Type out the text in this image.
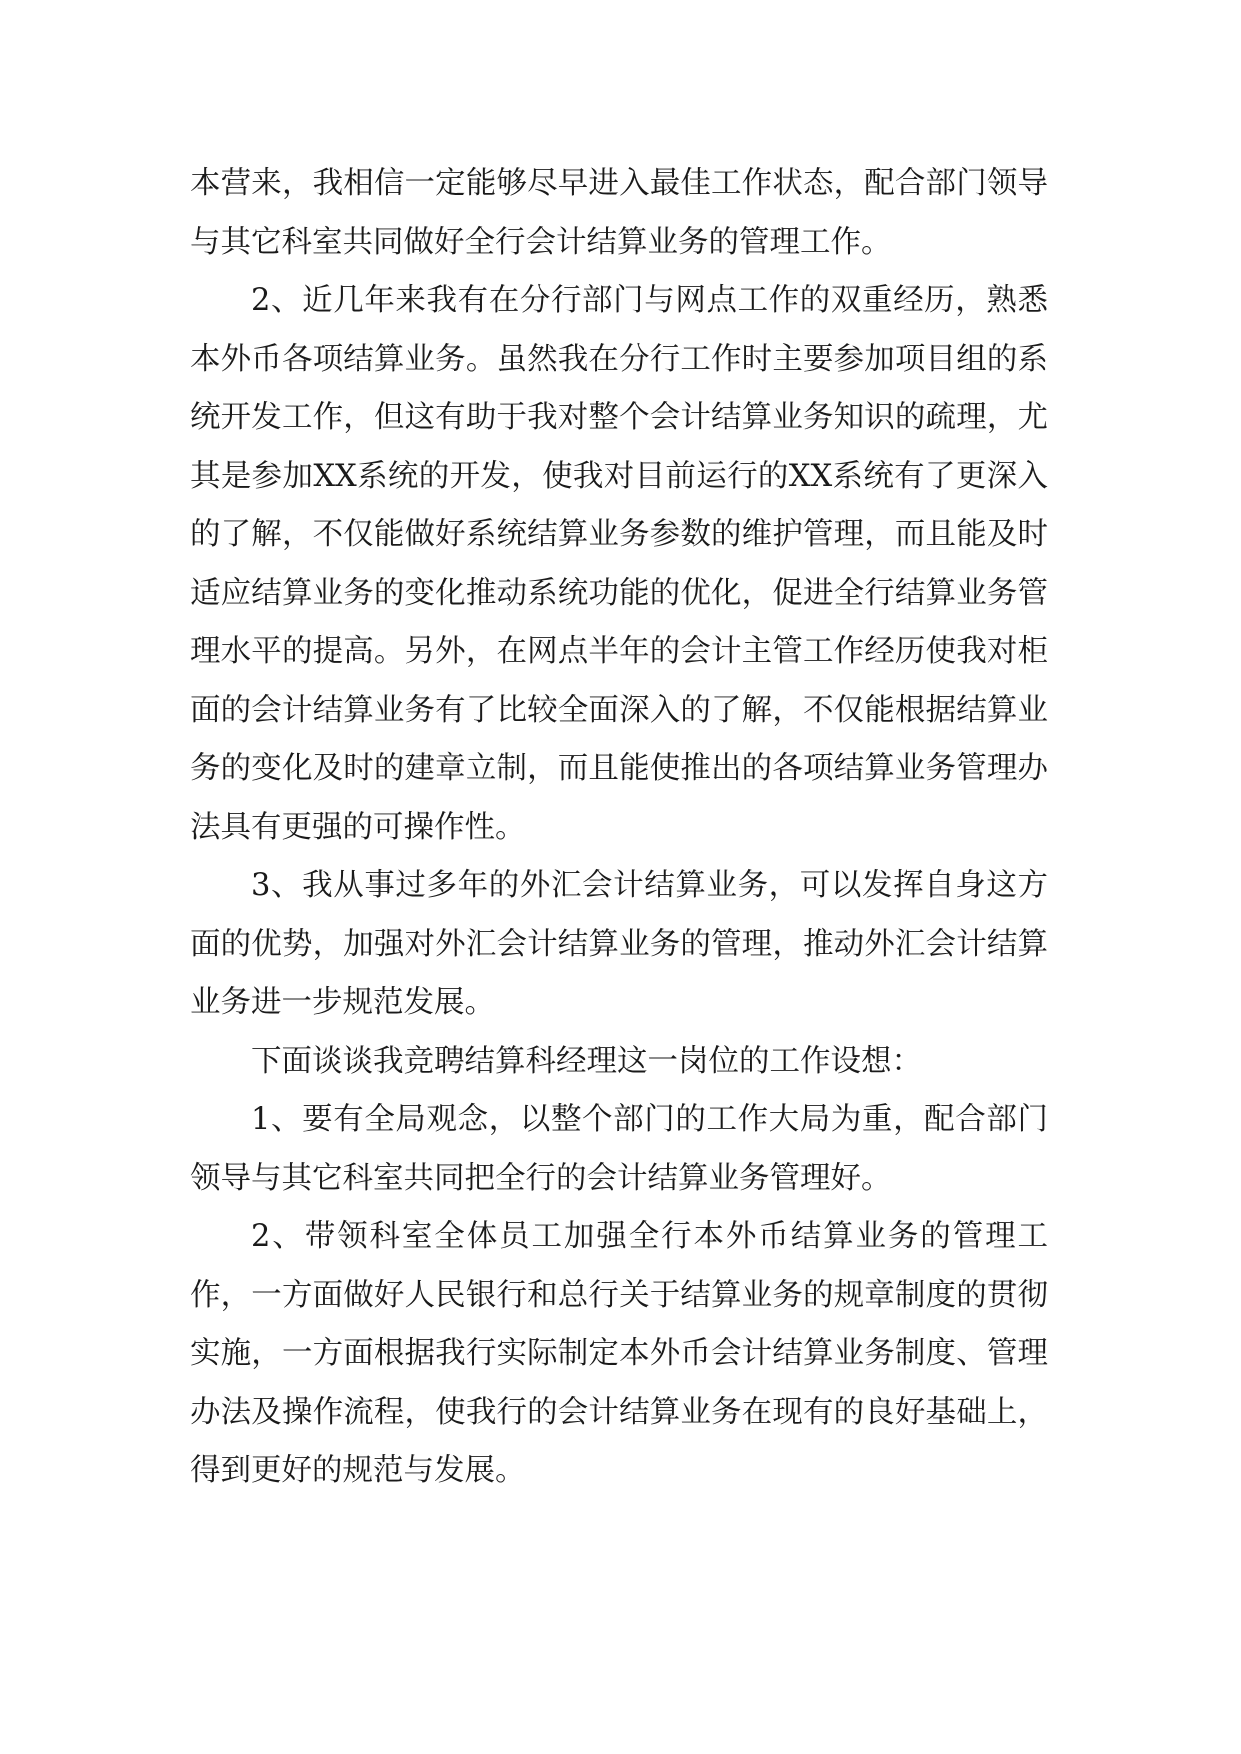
本营来，我相信一定能够尽早进入最佳工作状态，配合部门领导与其它科室共同做好全行会计结算业务的管理工作。

2、近几年来我有在分行部门与网点工作的双重经历，熟悉本外币各项结算业务。虽然我在分行工作时主要参加项目组的系统开发工作，但这有助于我对整个会计结算业务知识的疏理，尤其是参加XX系统的开发，使我对目前运行的XX系统有了更深入的了解，不仅能做好系统结算业务参数的维护管理，而且能及时适应结算业务的变化推动系统功能的优化，促进全行结算业务管理水平的提高。另外，在网点半年的会计主管工作经历使我对柜面的会计结算业务有了比较全面深入的了解，不仅能根据结算业务的变化及时的建章立制，而且能使推出的各项结算业务管理办法具有更强的可操作性。

3、我从事过多年的外汇会计结算业务，可以发挥自身这方面的优势，加强对外汇会计结算业务的管理，推动外汇会计结算业务进一步规范发展。

下面谈谈我竞聘结算科经理这一岗位的工作设想：

1、要有全局观念，以整个部门的工作大局为重，配合部门领导与其它科室共同把全行的会计结算业务管理好。

2、带领科室全体员工加强全行本外币结算业务的管理工作，一方面做好人民银行和总行关于结算业务的规章制度的贯彻实施，一方面根据我行实际制定本外币会计结算业务制度、管理办法及操作流程，使我行的会计结算业务在现有的良好基础上，得到更好的规范与发展。
